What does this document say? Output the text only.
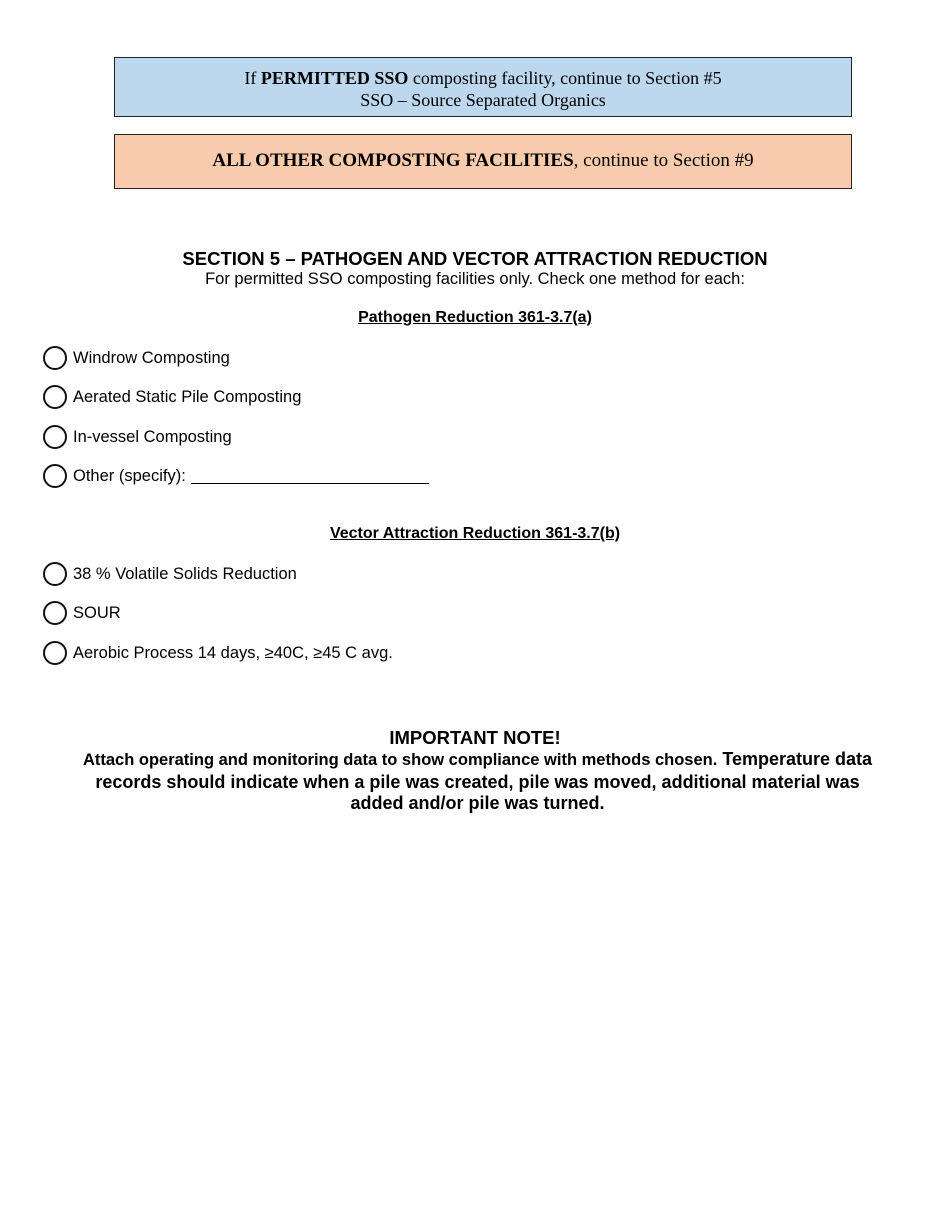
If PERMITTED SSO composting facility, continue to Section #5
SSO – Source Separated Organics
ALL OTHER COMPOSTING FACILITIES, continue to Section #9
SECTION 5 – PATHOGEN AND VECTOR ATTRACTION REDUCTION
For permitted SSO composting facilities only. Check one method for each:
Pathogen Reduction 361-3.7(a)
Windrow Composting
Aerated Static Pile Composting
In-vessel Composting
Other (specify):
Vector Attraction Reduction 361-3.7(b)
38 % Volatile Solids Reduction
SOUR
Aerobic Process 14 days, ≥40C, ≥45 C avg.
IMPORTANT NOTE!
Attach operating and monitoring data to show compliance with methods chosen. Temperature data records should indicate when a pile was created, pile was moved, additional material was added and/or pile was turned.
